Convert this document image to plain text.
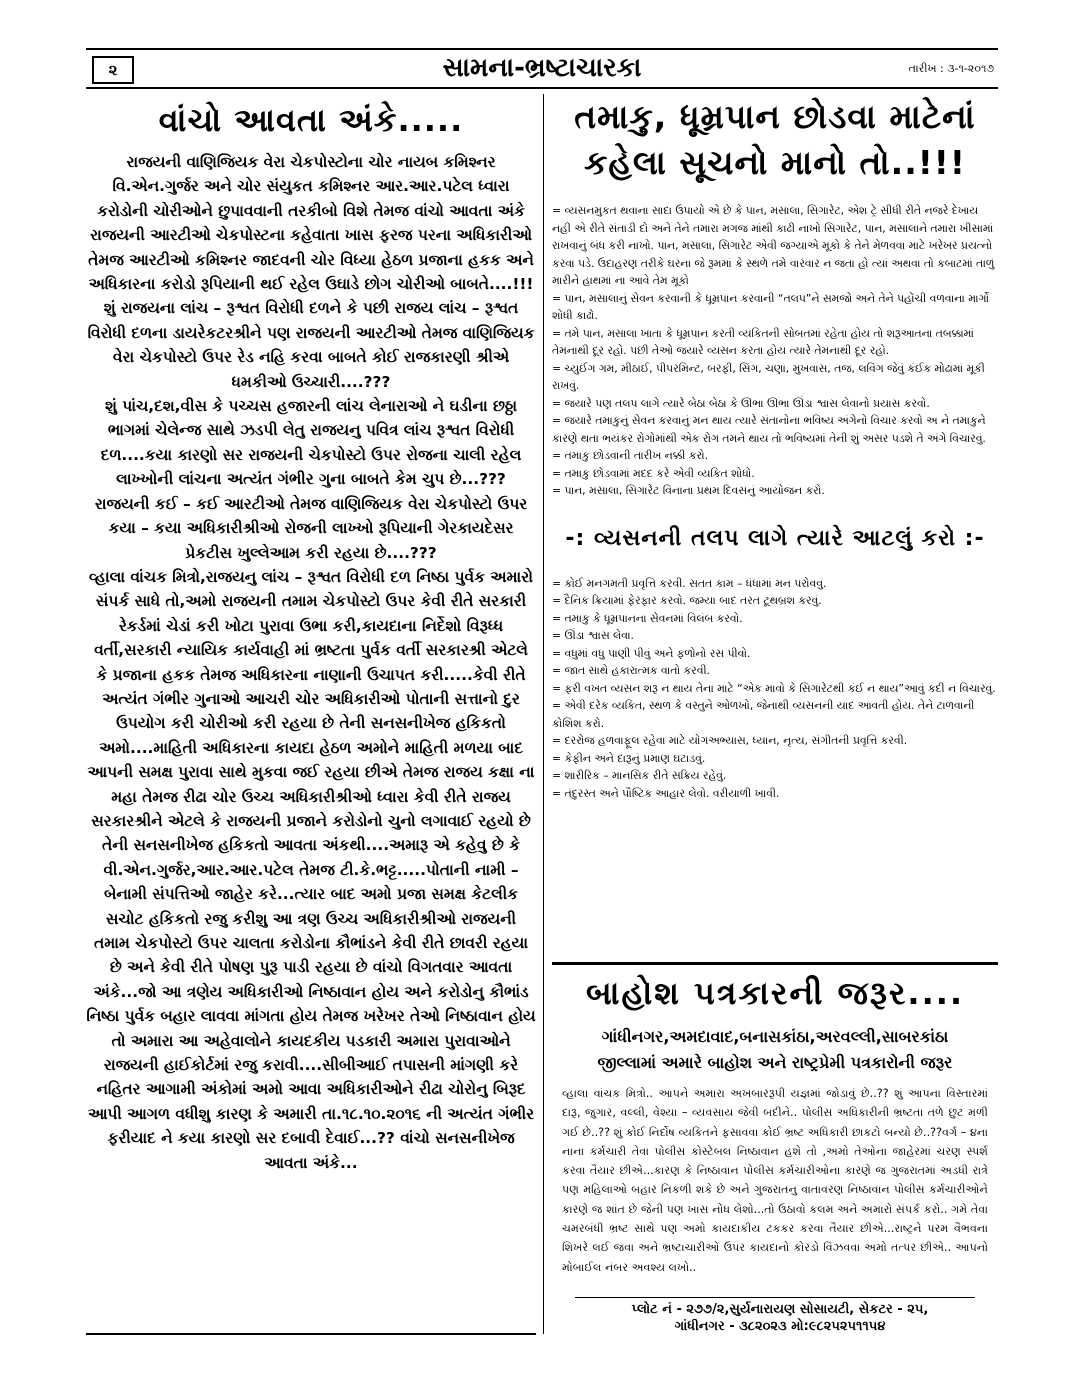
૨	સામના-ભ્રષ્ટાચારકા	તારીખ : ૩-૧-૨૦૧૭
વાંચો આવતા અંકે.....

રાજયની વાણિજિયક વેરા ચેકપોસ્ટોના ચોર નાયબ કમિશ્નર વિ.એન.ગુર્જર અને ચોર સંયુકત કમિશ્નર આર.આર.પટેલ ધ્વારા કરોડોની ચોરીઓને છુપાવવાની તરકીબો વિશે તેમજ વાંચો આવતા અંકે રાજયની આરટીઓ ચેકપોસ્ટના કહેવાતા ખાસ ફરજ પરના અધિકારીઓ તેમજ આરટીઓ કમિશ્નર જાદવની ચોર વિધ્યા હેઠળ પ્રજાના હકક અને અધિકારના કરોડો રૂપિયાની થઈ રહેલ ઉઘાડે છોગ ચોરીઓ બાબતે....!!!

શું રાજયના લાંચ – રૂશ્વત વિરોધી દળને કે પછી રાજય લાંચ – રૂશ્વત વિરોધી દળના ડાયરેકટરશ્રીને પણ રાજયની આરટીઓ તેમજ વાણિજિયક વેરા ચેકપોસ્ટો ઉપર રેડ નહિ કરવા બાબતે કોઈ રાજકારણી શ્રીએ ધમકીઓ ઉચ્ચારી....???

શું પાંચ,દશ,વીસ કે પચ્ચસ હજારની લાંચ લેનારાઓ ને ઘડીના છઠ્ઠા ભાગમાં ચેલેન્જ સાથે ઝડપી લેતુ રાજયનુ પવિત્ર લાંચ રૂશ્વત વિરોધી દળ....કયા કારણો સર રાજયની ચેકપોસ્ટો ઉપર રોજના ચાલી રહેલ લાખ્ખોની લાંચના અત્યંત ગંભીર ગુના બાબતે કેમ ચુપ છે...???

રાજયની કઈ – કઈ આરટીઓ તેમજ વાણિજિયક વેરા ચેકપોસ્ટો ઉપર કયા – કયા અધિકારીશ્રીઓ રોજની લાખ્ખો રૂપિયાની ગેરકાયદેસર પ્રેકટીસ ખુલ્લેઆમ કરી રહયા છે....???

વ્હાલા વાંચક મિત્રો,રાજયનુ લાંચ – રૂશ્વત વિરોધી દળ નિષ્ઠા પુર્વક અમારો સંપર્ક સાધે તો,અમો રાજયની તમામ ચેકપોસ્ટો ઉપર કેવી રીતે સરકારી રેકર્ડમાં ચેડાં કરી ખોટા પુરાવા ઉભા કરી,કાયદાના નિર્દેશો વિરૂધ્ધ વર્તી,સરકારી ન્યાયિક કાર્યવાહી માં ભ્રષ્ટતા પુર્વક વર્તી સરકારશ્રી એટલે કે પ્રજાના હકક તેમજ અધિકારના નાણાની ઉચાપત કરી.....કેવી રીતે અત્યંત ગંભીર ગુનાઓ આચરી ચોર અધિકારીઓ પોતાની સત્તાનો દુર ઉપયોગ કરી ચોરીઓ કરી રહયા છે તેની સનસનીખેજ હકિકતો અમો....માહિતી અધિકારના કાયદા હેઠળ અમોને માહિતી મળયા બાદ આપની સમક્ષ પુરાવા સાથે મુકવા જઈ રહયા છીએ તેમજ રાજય કક્ષા ના મહા તેમજ રીઢા ચોર ઉચ્ચ અધિકારીશ્રીઓ ધ્વારા કેવી રીતે રાજય સરકારશ્રીને એટલે કે રાજયની પ્રજાને કરોડોનો ચુનો લગાવાઈ રહયો છે તેની સનસનીખેજ હકિકતો આવતા અંકથી....અમારૂ એ કહેવુ છે કે વી.એન.ગુર્જર,આર.આર.પટેલ તેમજ ટી.કે.ભટ્ટ.....પોતાની નામી – બેનામી સંપત્તિઓ જાહેર કરે...ત્યાર બાદ અમો પ્રજા સમક્ષ કેટલીક સચોટ હકિકતો રજુ કરીશુ આ ત્રણ ઉચ્ચ અધિકારીશ્રીઓ રાજયની તમામ ચેકપોસ્ટો ઉપર ચાલતા કરોડોના કૌભાંડને કેવી રીતે છાવરી રહયા છે અને કેવી રીતે પોષણ પુરૂ પાડી રહયા છે વાંચો વિગતવાર આવતા અંકે...જો આ ત્રણેય અધિકારીઓ નિષ્ઠાવાન હોય અને કરોડોનુ કૌભાંડ નિષ્ઠા પુર્વક બહાર લાવવા માંગતા હોય તેમજ ખરેખર તેઓ નિષ્ઠાવાન હોય તો અમારા આ અહેવાલોને કાયદકીય પડકારી અમારા પુરાવાઓને રાજયની હાઈકોર્ટમાં રજુ કરાવી....સીબીઆઈ તપાસની માંગણી કરે નહિતર આગામી અંકોમાં અમો આવા અધિકારીઓને રીઢા ચોરોનુ બિરૂદ આપી આગળ વધીશુ કારણ કે અમારી તા.૧૮.૧૦.૨૦૧૬ ની અત્યંત ગંભીર ફરીયાદ ને કયા કારણો સર દબાવી દેવાઈ...?? વાંચો સનસનીખેજ આવતા અંકે...

તમાકુ, ધૂમ્રપાન છોડવા માટેનાં
કહેલા સૂચનો માનો તો..!!!
= વ્યસનમુકત થવાના સાદા ઉપાયો એ છે કે પાન, મસાલા, સિગારેટ, એશ ટ્રે સીધી રીતે નજરે દેખાય નહી એ રીતે સંતાડી દો અને તેને તમારા મગજ માંથી કાઢી નાખો સિગારેટ, પાન, મસાલાને તમારા ખીસામાં રાખવાનું બંધ કરી નાખો. પાન, મસાલા, સિગારેટ એવી જગ્યાએ મૂકો કે તેને મેળવવા માટે ખરેખર પ્રયત્નો કરવા પડે. ઉદાહરણ તરીકે ઘરના જે રૂમમાં કે સ્થળે તમે વારંવાર ન જતા હો ત્યાં અથવા તો કબાટમાં તાળું મારીને હાથમાં ના આવે તેમ મૂકો
= પાન, મસાલાનું સેવન કરવાની કે ધૂમ્રપાન કરવાની “તલપ”ને સમજો અને તેને પહોંચી વળવાના માર્ગો શોધી કાઢો.
= તમે પાન, મસાલા ખાતા કે ધૂમ્રપાન કરતી વ્યકિતની સોબતમાં રહેતા હોય તો શરૂઆતના તબક્કામાં તેમનાથી દૂર રહો. પછી તેઓ જયારે વ્યસન કરતા હોય ત્યારે તેમનાથી દૂર રહો.
= ચ્યુઈંગ ગમ, મીઠાઈ, પીપરમિન્ટ, બરફી, સિંગ, ચણા, મુખવાસ, તજ, લવિંગ જેવું કંઈક મોઢામાં મૂકી રાખવું.
= જયારે પણ તલપ લાગે ત્યારે બેઠા બેઠા કે ઊભા ઊભા ઊંડા શ્વાસ લેવાનો પ્રયાસ કરવો.
= જયારે તમાકુનું સેવન કરવાનું મન થાય ત્યારે સંતાનોના ભવિષ્ય અંગેનો વિચાર કરવો અ ને તમાકુને કારણે થતા ભયંકર રોગોમાંથી એક રોગ તમને થાય તો ભવિષ્યમાં તેની શું અસર પડશે તે અંગે વિચારવું.
= તમાકુ છોડવાની તારીખ નક્કી કરો.
= તમાકુ છોડવામાં મદદ કરે એવી વ્યકિત શોધો.
= પાન, મસાલા, સિગારેટ વિનાના પ્રથમ દિવસનું આયોજન કરો.
-: વ્યસનની તલપ લાગે ત્યારે આટલું કરો :-
= કોઈ મનગમતી પ્રવૃત્તિ કરવી. સતત કામ – ધંધામાં મન પરોવવું.
= દૈનિક ક્રિયામાં ફેરફાર કરવો. જમ્યા બાદ તરત ટૂથબ્રશ કરવું.
= તમાકુ કે ધૂમ્રપાનના સેવનમાં વિલંબ કરવો.
= ઊંડા શ્વાસ લેવા.
= વધુમાં વધુ પાણી પીવું અને ફળોનો રસ પીવો.
= જાત સાથે હકારાત્મક વાતો કરવી.
= ફરી વખત વ્યસન શરૂ ન થાય તેના માટે “એક માવો કે સિગારેટથી કંઈ ન થાય”આવું કદી ન વિચારવું.
= એવી દરેક વ્યકિત, સ્થળ કે વસ્તુને ઓળખો, જેનાથી વ્યસનની યાદ આવતી હોય. તેને ટાળવાની કોશિશ કરો.
= દરરોજ હળવાફૂલ રહેવા માટે યોગઅભ્યાસ, ધ્યાન, નૃત્ય, સંગીતની પ્રવૃત્તિ કરવી.
= કેફીન અને દારૂનું પ્રમાણ ઘટાડવું.
= શારીરિક – માનસિક રીતે સક્રિય રહેવું.
= તંદુરસ્ત અને પૌષ્ટિક આહાર લેવો. વરીયાળી ખાવી.
બાહોશ પત્રકારની જરૂર....
ગાંધીનગર,અમદાવાદ,બનાસકાંઠા,અરવલ્લી,સાબરકાંઠા
જીલ્લામાં અમારે બાહોશ અને રાષ્ટ્રપ્રેમી પત્રકારોની જરૂર
વ્હાલા વાંચક મિત્રો.. આપને અમારા અખબારરૂપી યજ્ઞમાં જોડાવું છે..?? શું આપના વિસ્તારમાં દારૂ, જુગાર, વલ્લી, વેશ્યા – વ્યવસાય જેવી બદીને.. પોલીસ અધિકારીની ભ્રષ્ટતા તળે છુટ મળી ગઈ છે..?? શું કોઈ નિર્દોષ વ્યકિતને ફસાવવા કોઈ ભ્રષ્ટ અધિકારી છાકટો બન્યો છે..??વર્ગ – ૪ના નાના કર્મચારી તેવા પોલીસ કોસ્ટેબલ નિષ્ઠાવાન હશે તો ,અમો તેઓના જાહેરમાં ચરણ સ્પર્શ કરવા તૈયાર છીએ...કારણ કે નિષ્ઠાવાન પોલીસ કર્મચારીઓના કારણે જ ગુજરાતમાં અડધી રાત્રે પણ મહિલાઓ બહાર નિકળી શકે છે અને ગુજરાતનુ વાતાવરણ નિષ્ઠાવાન પોલીસ કર્મચારીઓને કારણે જ શાંત છે જેની પણ ખાસ નોંધ લેશો...તો ઉઠાવો કલમ અને અમારો સંપર્ક કરો.. ગમે તેવા ચમરબંધી ભ્રષ્ટ સાથે પણ અમો કાયદાકીય ટકકર કરવા તૈયાર છીએ...રાષ્ટ્રને પરમ વૈભવના શિખરે લઈ જવા અને ભ્રષ્ટાચારીઓ ઉપર કાયદાનો કોરડો વિંઝવવા અમો તત્પર છીએ.. આપનો મોબાઈલ નંબર અવશ્ય લખો..
પ્લોટ નં - ૨૭૭/૨,સુર્યનારાયણ સોસાયટી, સેકટર - ૨૫,
ગાંધીનગર - ૩૮૨૦૨૩ મો:૯૮૨૫૨૫૧૧૫૪
